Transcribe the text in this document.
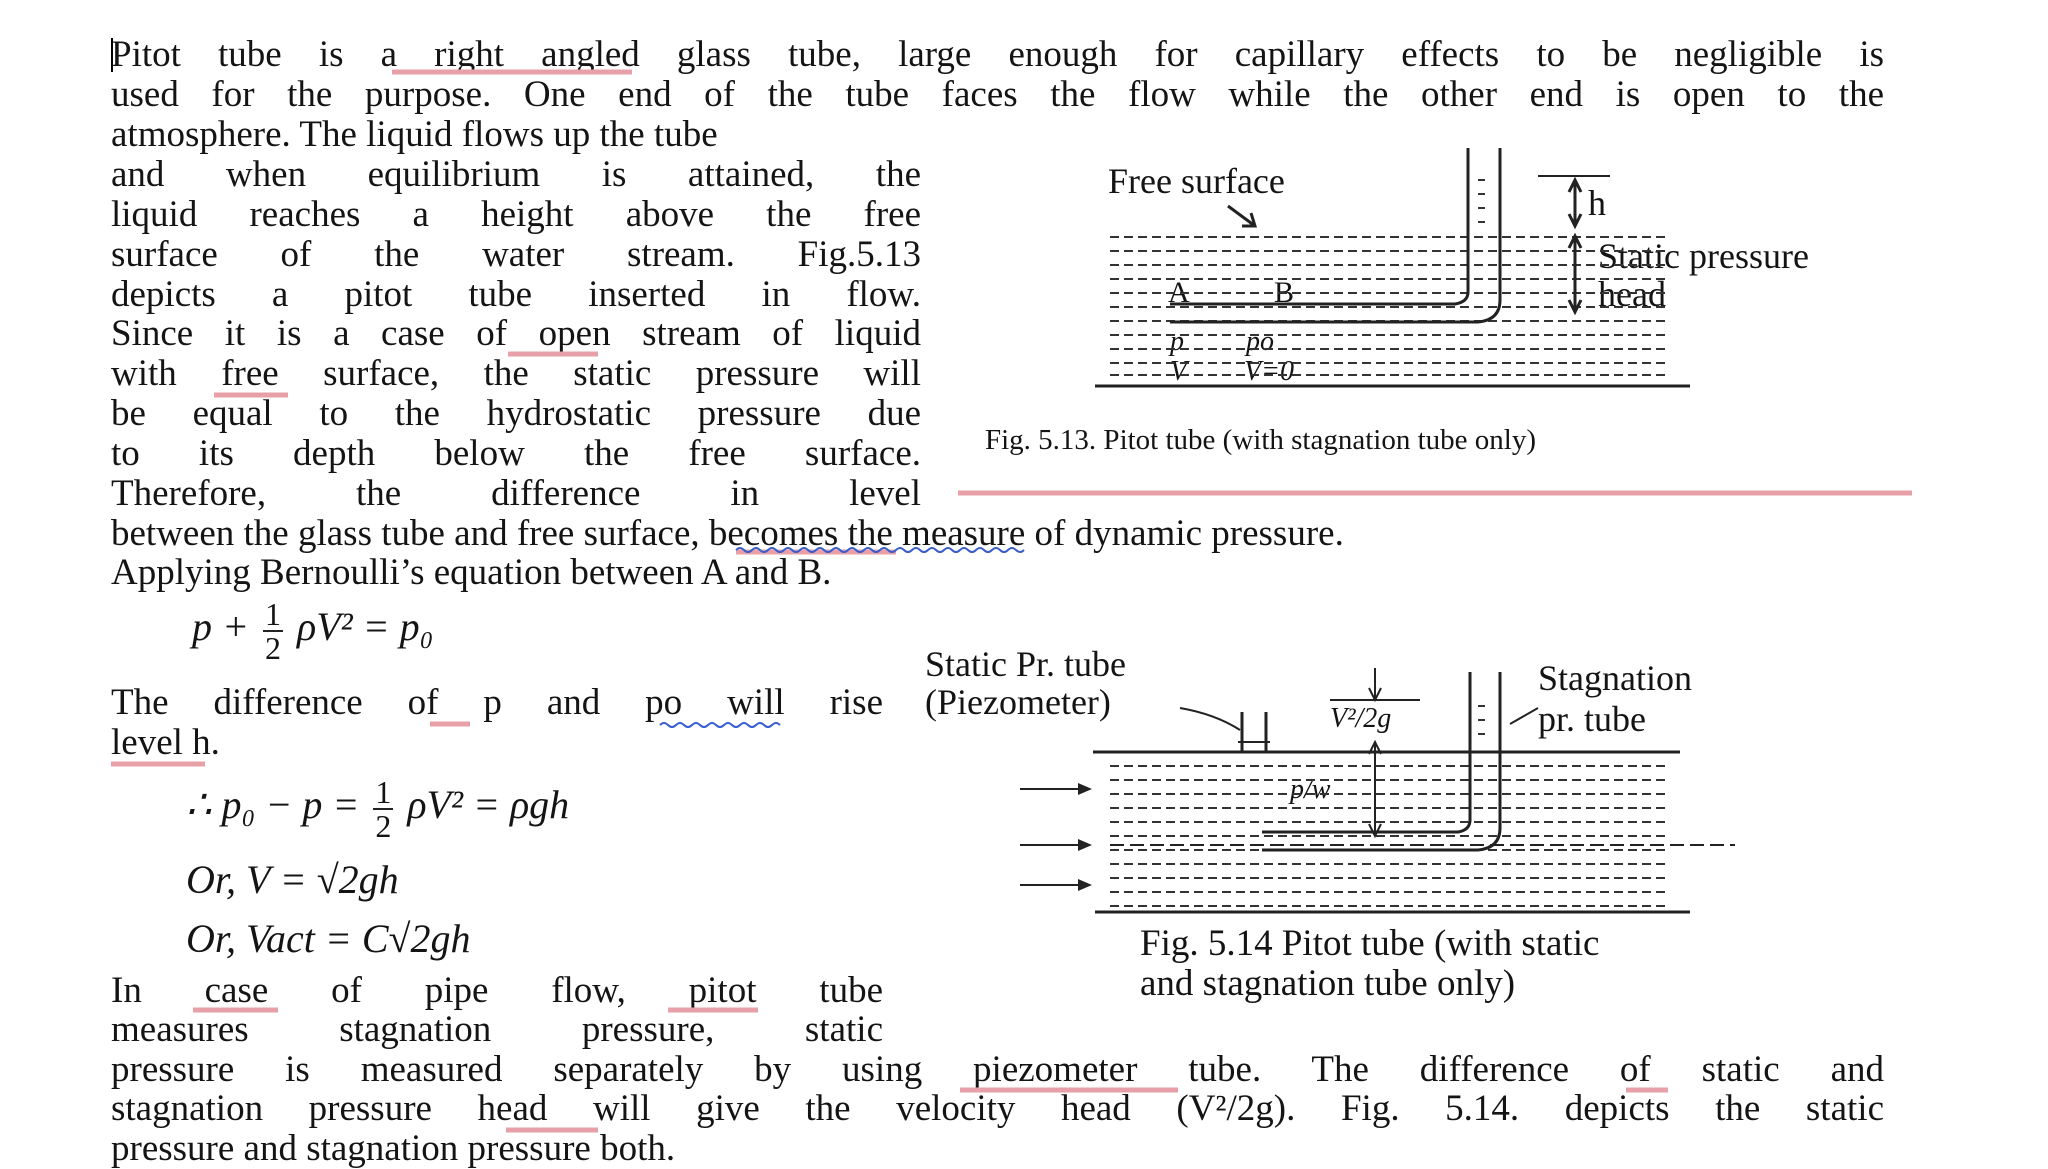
Pitot tube is a right angled glass tube, large enough for capillary effects to be negligible is
used for the purpose. One end of the tube faces the flow while the other end is open to the
atmosphere. The liquid flows up the tube
and when equilibrium is attained, the
liquid reaches a height above the free
surface of the water stream. Fig.5.13
depicts a pitot tube inserted in flow.
Since it is a case of open stream of liquid
with free surface, the static pressure will
be equal to the hydrostatic pressure due
to its depth below the free surface.
Therefore, the difference in level
between the glass tube and free surface, becomes the measure of dynamic pressure.
Applying Bernoulli’s equation between A and B.
Free surface
h
Static pressure
head
A	B
p po
V V=0
Fig. 5.13. Pitot tube (with stagnation tube only)
$p + \frac{1}{2} \rho V^2 = p_0$
The difference of p and po will rise
level h.
∴ $p_0 - p = \frac{1}{2} \rho V^2 = \rho gh$
Or, V = √2gh
Or, Vact = C√2gh
Static Pr. tube
(Piezometer)	V²/2g
p/w
Stagnation
pr. tube
Fig. 5.14 Pitot tube (with static
and stagnation tube only)
In case of pipe flow, pitot tube
measures stagnation pressure, static
pressure is measured separately by using piezometer tube. The difference of static and
stagnation pressure head will give the velocity head (V²/2g). Fig. 5.14. depicts the static
pressure and stagnation pressure both.
